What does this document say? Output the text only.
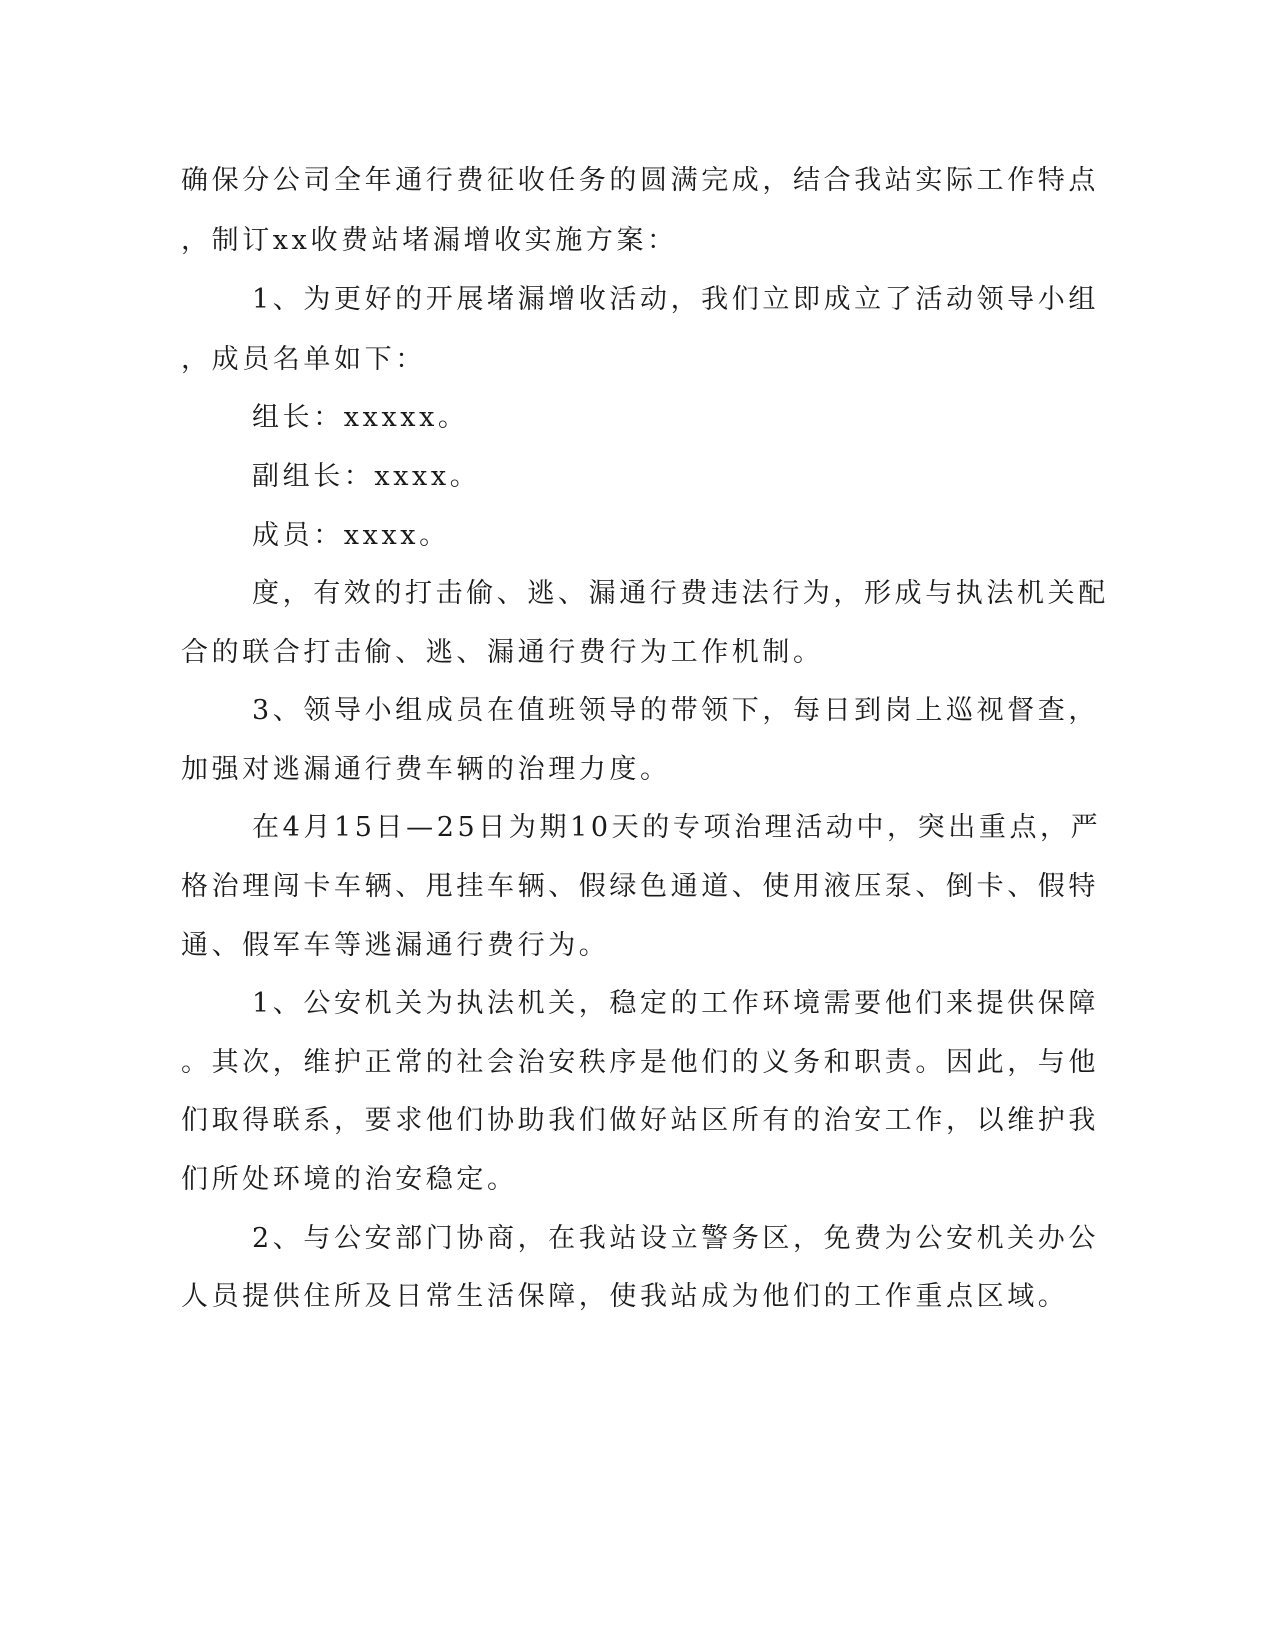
确保分公司全年通行费征收任务的圆满完成，结合我站实际工作特点
，制订xx收费站堵漏增收实施方案：
1、为更好的开展堵漏增收活动，我们立即成立了活动领导小组
，成员名单如下：
组长：xxxxx。
副组长：xxxx。
成员：xxxx。
度，有效的打击偷、逃、漏通行费违法行为，形成与执法机关配
合的联合打击偷、逃、漏通行费行为工作机制。
3、领导小组成员在值班领导的带领下，每日到岗上巡视督查，
加强对逃漏通行费车辆的治理力度。
在4月15日—25日为期10天的专项治理活动中，突出重点，严
格治理闯卡车辆、甩挂车辆、假绿色通道、使用液压泵、倒卡、假特
通、假军车等逃漏通行费行为。
1、公安机关为执法机关，稳定的工作环境需要他们来提供保障
。其次，维护正常的社会治安秩序是他们的义务和职责。因此，与他
们取得联系，要求他们协助我们做好站区所有的治安工作，以维护我
们所处环境的治安稳定。
2、与公安部门协商，在我站设立警务区，免费为公安机关办公
人员提供住所及日常生活保障，使我站成为他们的工作重点区域。
